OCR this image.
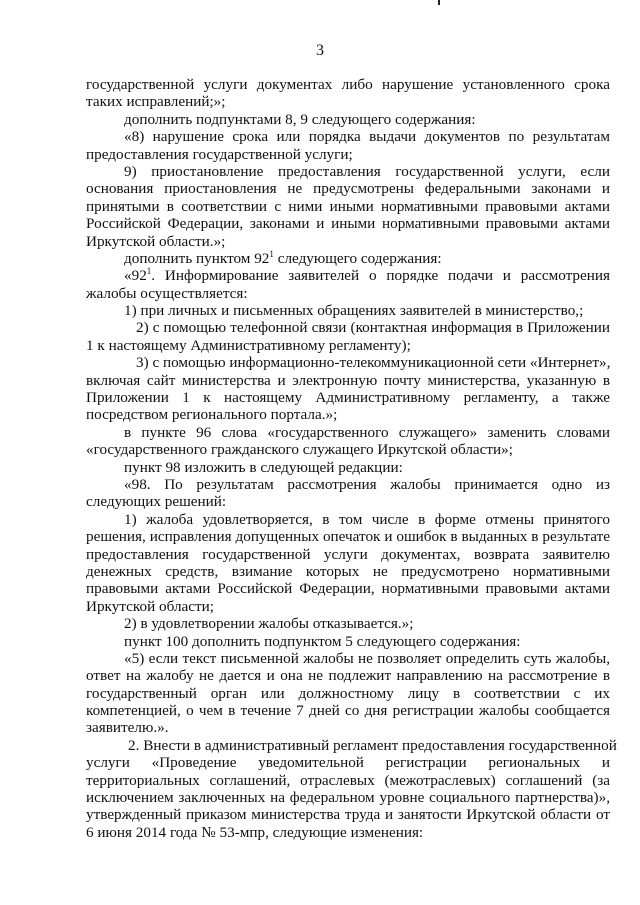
3
государственной услуги документах либо нарушение установленного срока
таких исправлений;»;
дополнить подпунктами 8, 9 следующего содержания:
«8) нарушение срока или порядка выдачи документов по результатам
предоставления государственной услуги;
9) приостановление предоставления государственной услуги, если
основания приостановления не предусмотрены федеральными законами и
принятыми в соответствии с ними иными нормативными правовыми актами
Российской Федерации, законами и иными нормативными правовыми актами
Иркутской области.»;
дополнить пунктом $92^1$ следующего содержания:
«$92^1$. Информирование заявителей о порядке подачи и рассмотрения
жалобы осуществляется:
1) при личных и письменных обращениях заявителей в министерство,;
2) с помощью телефонной связи (контактная информация в Приложении
1 к настоящему Административному регламенту);
3) с помощью информационно-телекоммуникационной сети «Интернет»,
включая сайт министерства и электронную почту министерства, указанную в
Приложении 1 к настоящему Административному регламенту, а также
посредством регионального портала.»;
в пункте 96 слова «государственного служащего» заменить словами
«государственного гражданского служащего Иркутской области»;
пункт 98 изложить в следующей редакции:
«98. По результатам рассмотрения жалобы принимается одно из
следующих решений:
1) жалоба удовлетворяется, в том числе в форме отмены принятого
решения, исправления допущенных опечаток и ошибок в выданных в результате
предоставления государственной услуги документах, возврата заявителю
денежных средств, взимание которых не предусмотрено нормативными
правовыми актами Российской Федерации, нормативными правовыми актами
Иркутской области;
2) в удовлетворении жалобы отказывается.»;
пункт 100 дополнить подпунктом 5 следующего содержания:
«5) если текст письменной жалобы не позволяет определить суть жалобы,
ответ на жалобу не дается и она не подлежит направлению на рассмотрение в
государственный орган или должностному лицу в соответствии с их
компетенцией, о чем в течение 7 дней со дня регистрации жалобы сообщается
заявителю.».
2. Внести в административный регламент предоставления государственной
услуги «Проведение уведомительной регистрации региональных и
территориальных соглашений, отраслевых (межотраслевых) соглашений (за
исключением заключенных на федеральном уровне социального партнерства)»,
утвержденный приказом министерства труда и занятости Иркутской области от
6 июня 2014 года № 53-мпр, следующие изменения:
